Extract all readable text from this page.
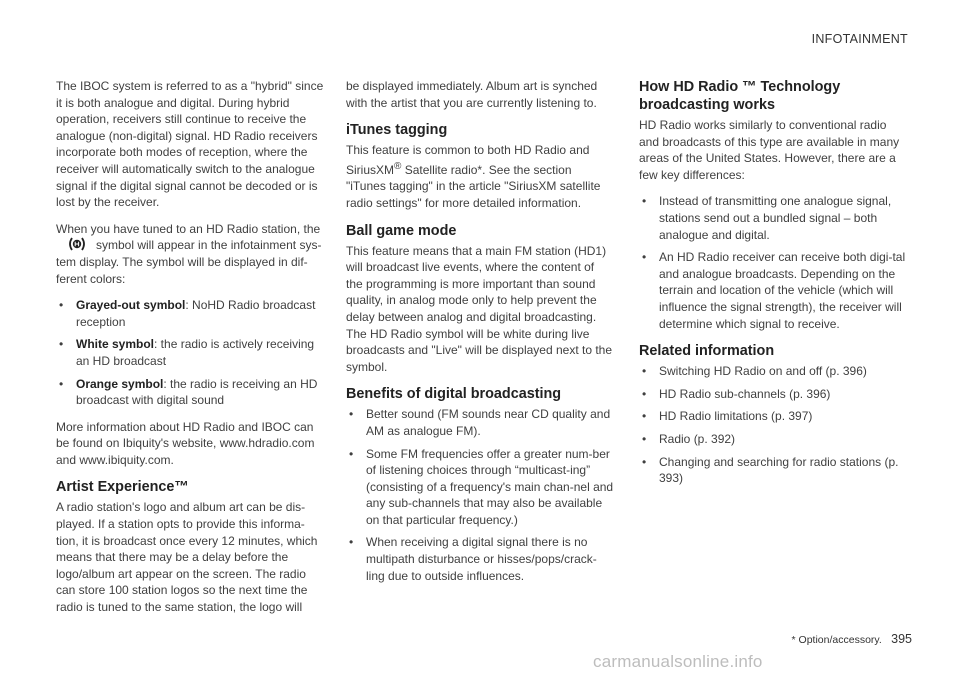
INFOTAINMENT

The IBOC system is referred to as a "hybrid" since it is both analogue and digital. During hybrid operation, receivers still continue to receive the analogue (non-digital) signal. HD Radio receivers incorporate both modes of reception, where the receiver will automatically switch to the analogue signal if the digital signal cannot be decoded or is lost by the receiver.

When you have tuned to an HD Radio station, the
symbol will appear in the infotainment sys-tem display. The symbol will be displayed in dif-ferent colors:

• Grayed-out symbol: NoHD Radio broadcast reception
• White symbol: the radio is actively receiving an HD broadcast
• Orange symbol: the radio is receiving an HD broadcast with digital sound

More information about HD Radio and IBOC can be found on Ibiquity's website, www.hdradio.com and www.ibiquity.com.

Artist Experience™

A radio station's logo and album art can be dis-played. If a station opts to provide this informa-tion, it is broadcast once every 12 minutes, which means that there may be a delay before the logo/album art appear on the screen. The radio can store 100 station logos so the next time the radio is tuned to the same station, the logo will

be displayed immediately. Album art is synched with the artist that you are currently listening to.

iTunes tagging

This feature is common to both HD Radio and SiriusXM® Satellite radio*. See the section "iTunes tagging" in the article "SiriusXM satellite radio settings" for more detailed information.

Ball game mode

This feature means that a main FM station (HD1) will broadcast live events, where the content of the programming is more important than sound quality, in analog mode only to help prevent the delay between analog and digital broadcasting. The HD Radio symbol will be white during live broadcasts and "Live" will be displayed next to the symbol.

Benefits of digital broadcasting
• Better sound (FM sounds near CD quality and AM as analogue FM).
• Some FM frequencies offer a greater num-ber of listening choices through “multicast-ing” (consisting of a frequency's main chan-nel and any sub-channels that may also be available on that particular frequency.)
• When receiving a digital signal there is no multipath disturbance or hisses/pops/crack-ling due to outside influences.
How HD Radio ™ Technology broadcasting works

HD Radio works similarly to conventional radio and broadcasts of this type are available in many areas of the United States. However, there are a few key differences:

• Instead of transmitting one analogue signal, stations send out a bundled signal – both analogue and digital.
• An HD Radio receiver can receive both digi-tal and analogue broadcasts. Depending on the terrain and location of the vehicle (which will influence the signal strength), the receiver will determine which signal to receive.
Related information
• Switching HD Radio on and off (p. 396)
• HD Radio sub-channels (p. 396)
• HD Radio limitations (p. 397)
• Radio (p. 392)
• Changing and searching for radio stations (p. 393)
* Option/accessory. 395
carmanualsonline.info
